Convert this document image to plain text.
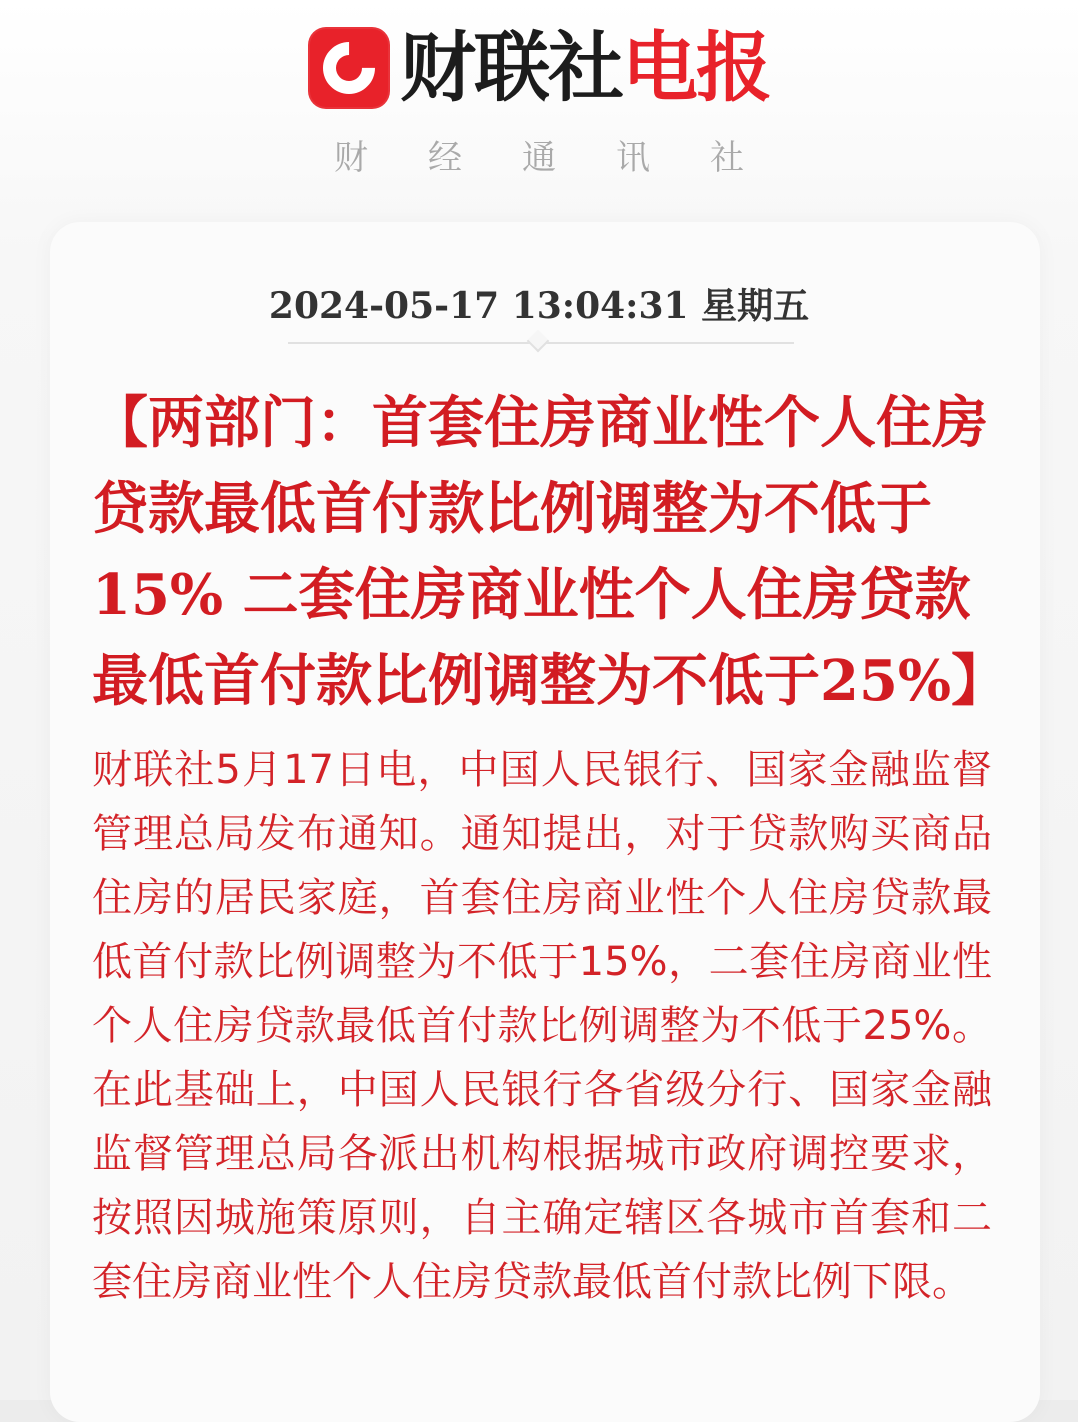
财联社 电报
财经通讯社
2024-05-17 13:04:31 星期五

【两部门：首套住房商业性个人住房贷款最低首付款比例调整为不低于15% 二套住房商业性个人住房贷款最低首付款比例调整为不低于25%】

财联社5月17日电，中国人民银行、国家金融监督管理总局发布通知。通知提出，对于贷款购买商品住房的居民家庭，首套住房商业性个人住房贷款最低首付款比例调整为不低于15%，二套住房商业性个人住房贷款最低首付款比例调整为不低于25%。在此基础上，中国人民银行各省级分行、国家金融监督管理总局各派出机构根据城市政府调控要求，按照因城施策原则，自主确定辖区各城市首套和二套住房商业性个人住房贷款最低首付款比例下限。
